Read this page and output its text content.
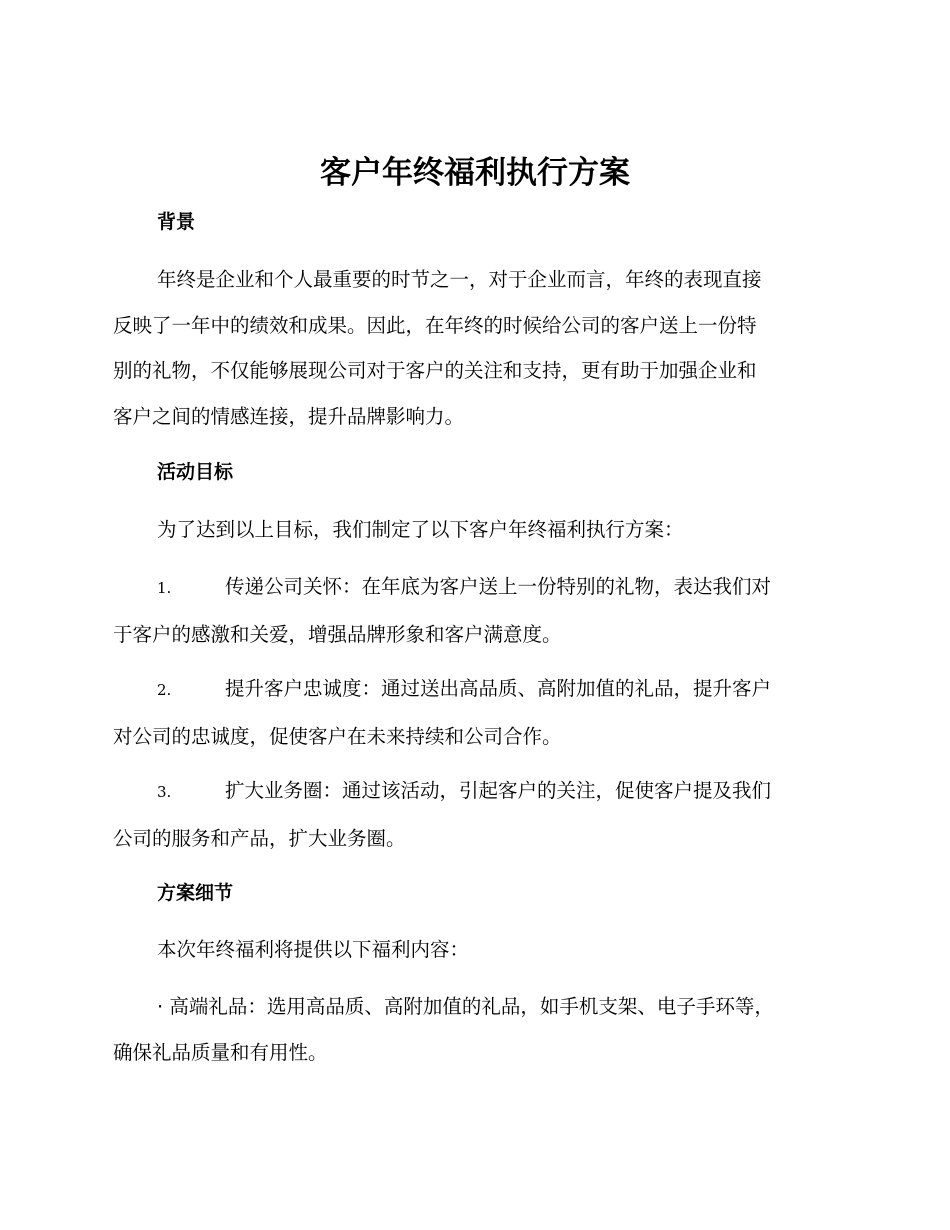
客户年终福利执行方案
背景
年终是企业和个人最重要的时节之一，对于企业而言，年终的表现直接
反映了一年中的绩效和成果。因此，在年终的时候给公司的客户送上一份特
别的礼物，不仅能够展现公司对于客户的关注和支持，更有助于加强企业和
客户之间的情感连接，提升品牌影响力。
活动目标
为了达到以上目标，我们制定了以下客户年终福利执行方案：
1.	传递公司关怀：在年底为客户送上一份特别的礼物，表达我们对
于客户的感激和关爱，增强品牌形象和客户满意度。
2.	提升客户忠诚度：通过送出高品质、高附加值的礼品，提升客户
对公司的忠诚度，促使客户在未来持续和公司合作。
3.	扩大业务圈：通过该活动，引起客户的关注，促使客户提及我们
公司的服务和产品，扩大业务圈。
方案细节
本次年终福利将提供以下福利内容：
· 高端礼品：选用高品质、高附加值的礼品，如手机支架、电子手环等，
确保礼品质量和有用性。
